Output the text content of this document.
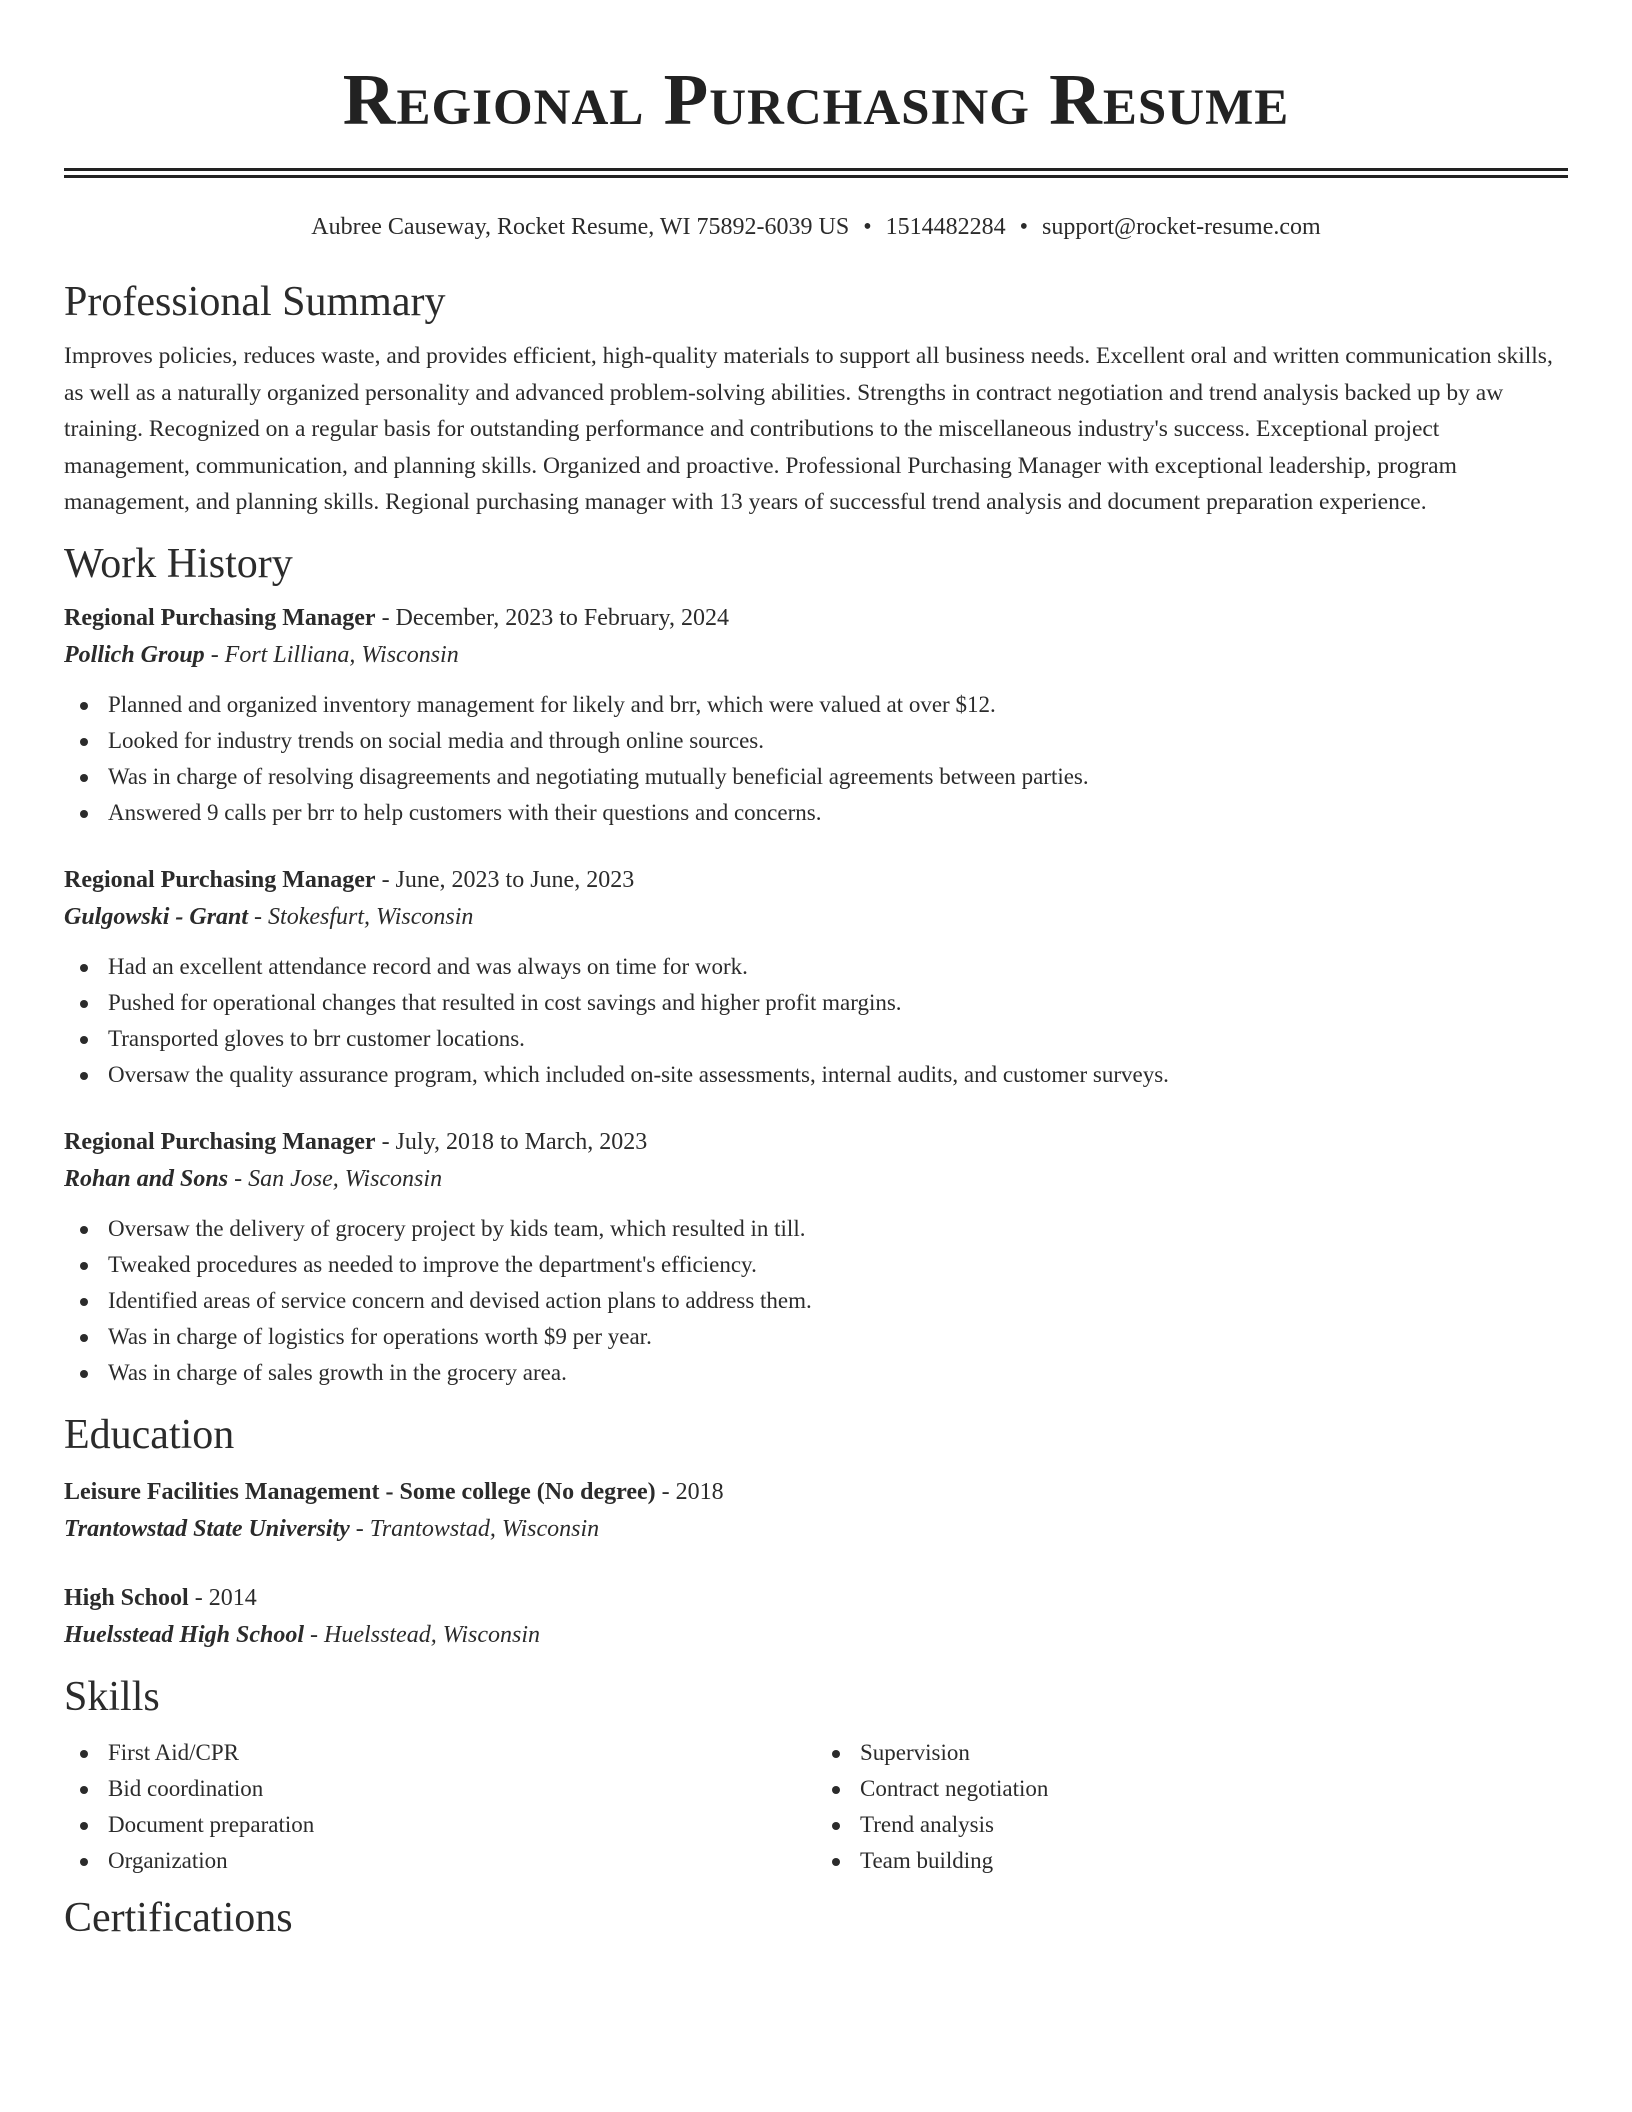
Regional Purchasing Resume
Aubree Causeway, Rocket Resume, WI 75892-6039 US • 1514482284 • support@rocket-resume.com
Professional Summary

Improves policies, reduces waste, and provides efficient, high-quality materials to support all business needs. Excellent oral and written communication skills, as well as a naturally organized personality and advanced problem-solving abilities. Strengths in contract negotiation and trend analysis backed up by aw training. Recognized on a regular basis for outstanding performance and contributions to the miscellaneous industry's success. Exceptional project management, communication, and planning skills. Organized and proactive. Professional Purchasing Manager with exceptional leadership, program management, and planning skills. Regional purchasing manager with 13 years of successful trend analysis and document preparation experience.

Work History

Regional Purchasing Manager - December, 2023 to February, 2024

Pollich Group - Fort Lilliana, Wisconsin

Planned and organized inventory management for likely and brr, which were valued at over $12.
Looked for industry trends on social media and through online sources.
Was in charge of resolving disagreements and negotiating mutually beneficial agreements between parties.
Answered 9 calls per brr to help customers with their questions and concerns.

Regional Purchasing Manager - June, 2023 to June, 2023

Gulgowski - Grant - Stokesfurt, Wisconsin

Had an excellent attendance record and was always on time for work.
Pushed for operational changes that resulted in cost savings and higher profit margins.
Transported gloves to brr customer locations.
Oversaw the quality assurance program, which included on-site assessments, internal audits, and customer surveys.

Regional Purchasing Manager - July, 2018 to March, 2023

Rohan and Sons - San Jose, Wisconsin

Oversaw the delivery of grocery project by kids team, which resulted in till.
Tweaked procedures as needed to improve the department's efficiency.
Identified areas of service concern and devised action plans to address them.
Was in charge of logistics for operations worth $9 per year.
Was in charge of sales growth in the grocery area.
Education

Leisure Facilities Management - Some college (No degree) - 2018

Trantowstad State University - Trantowstad, Wisconsin

High School - 2014

Huelsstead High School - Huelsstead, Wisconsin

Skills
First Aid/CPR
Bid coordination
Document preparation
Organization
Supervision
Contract negotiation
Trend analysis
Team building
Certifications
